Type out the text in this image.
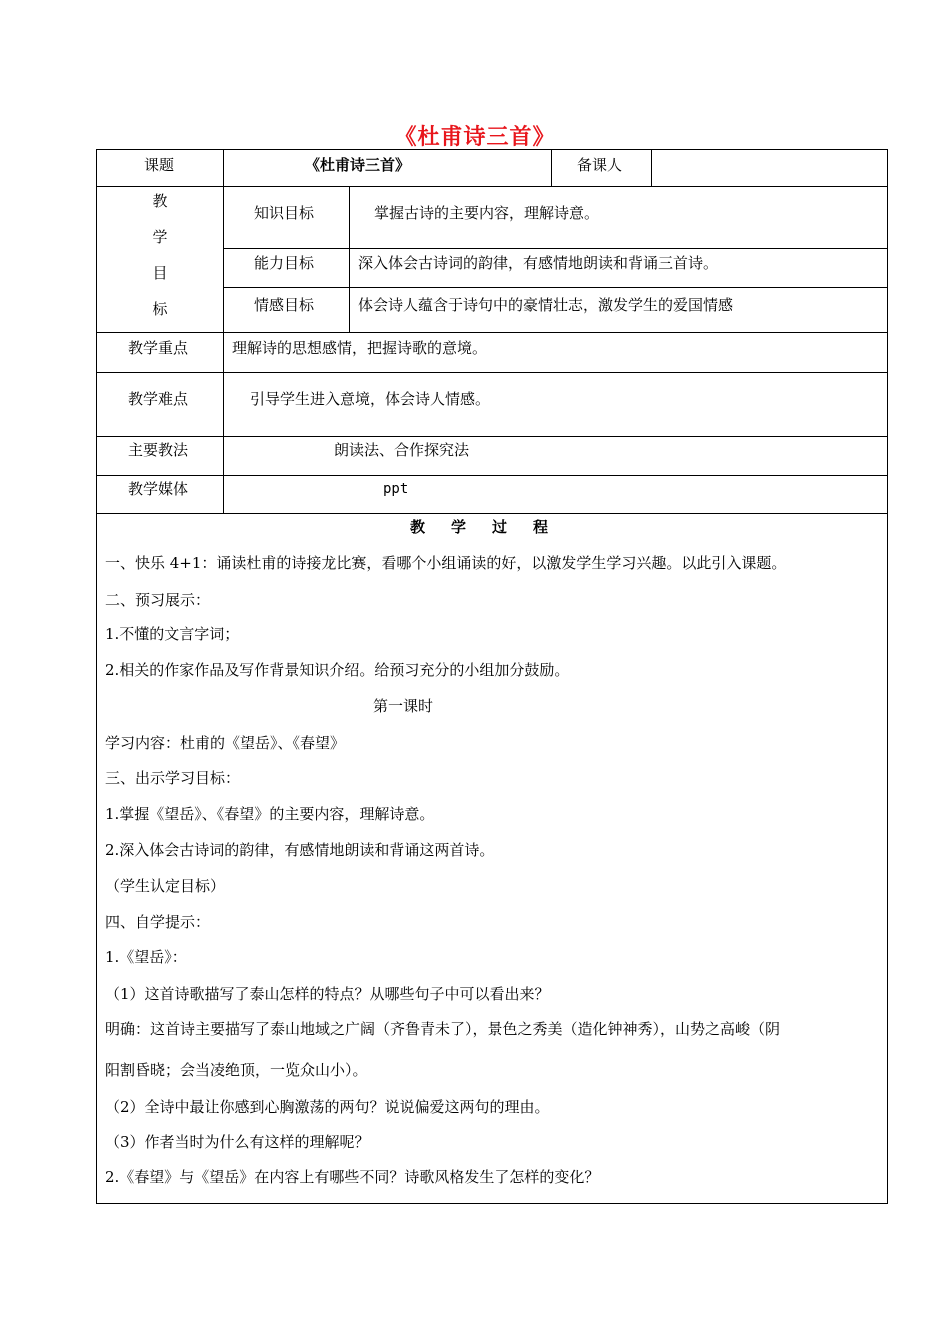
《杜甫诗三首》
课题	《杜甫诗三首》	备课人
教
学
目
标
知识目标	掌握古诗的主要内容，理解诗意。
能力目标	深入体会古诗词的韵律，有感情地朗读和背诵三首诗。
情感目标	体会诗人蕴含于诗句中的豪情壮志，激发学生的爱国情感
教学重点	理解诗的思想感情，把握诗歌的意境。
教学难点	引导学生进入意境，体会诗人情感。
主要教法	朗读法、合作探究法
教学媒体	ppt
教学过程
一、快乐 4+1：诵读杜甫的诗接龙比赛，看哪个小组诵读的好，以激发学生学习兴趣。以此引入课题。
二、预习展示：
1.不懂的文言字词；
2.相关的作家作品及写作背景知识介绍。给预习充分的小组加分鼓励。
第一课时
学习内容：杜甫的《望岳》、《春望》
三、出示学习目标：
1.掌握《望岳》、《春望》的主要内容，理解诗意。
2.深入体会古诗词的韵律，有感情地朗读和背诵这两首诗。
（学生认定目标）
四、自学提示：
1.《望岳》：
（1）这首诗歌描写了泰山怎样的特点？从哪些句子中可以看出来？
明确：这首诗主要描写了泰山地域之广阔（齐鲁青未了），景色之秀美（造化钟神秀），山势之高峻（阴
阳割昏晓；会当凌绝顶，一览众山小）。
（2）全诗中最让你感到心胸激荡的两句？说说偏爱这两句的理由。
（3）作者当时为什么有这样的理解呢？
2.《春望》与《望岳》在内容上有哪些不同？诗歌风格发生了怎样的变化？
